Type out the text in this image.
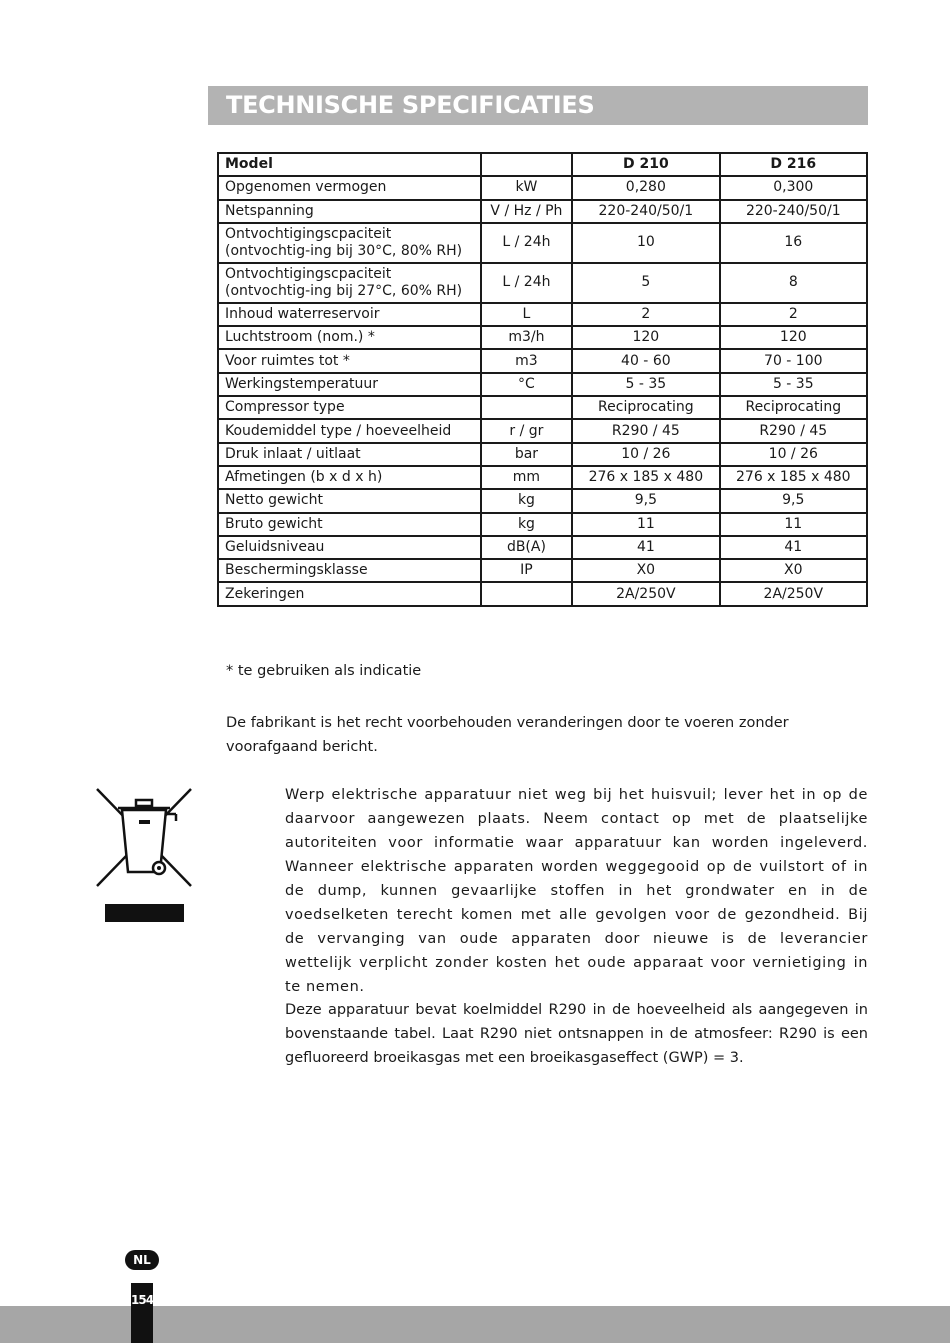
TECHNISCHE SPECIFICATIES
Model		D 210	D 216
Opgenomen vermogen	kW	0,280	0,300
Netspanning	V / Hz / Ph	220-240/50/1	220-240/50/1
Ontvochtigingscpaciteit (ontvochtig-ing bij 30°C, 80% RH)	L / 24h	10	16
Ontvochtigingscpaciteit (ontvochtig-ing bij 27°C, 60% RH)	L / 24h	5	8
Inhoud waterreservoir	L	2	2
Luchtstroom (nom.) *	m3/h	120	120
Voor ruimtes tot *	m3	40 - 60	70 - 100
Werkingstemperatuur	°C	5 - 35	5 - 35
Compressor type		Reciprocating	Reciprocating
Koudemiddel type / hoeveelheid	r / gr	R290 / 45	R290 / 45
Druk inlaat / uitlaat	bar	10 / 26	10 / 26
Afmetingen (b x d x h)	mm	276 x 185 x 480	276 x 185 x 480
Netto gewicht	kg	9,5	9,5
Bruto gewicht	kg	11	11
Geluidsniveau	dB(A)	41	41
Beschermingsklasse	IP	X0	X0
Zekeringen		2A/250V	2A/250V
* te gebruiken als indicatie
De fabrikant is het recht voorbehouden veranderingen door te voeren zonder voorafgaand bericht.
Werp elektrische apparatuur niet weg bij het huisvuil; lever het in op de daarvoor aangewezen plaats. Neem contact op met de plaatselijke autoriteiten voor informatie waar apparatuur kan worden ingeleverd. Wanneer elektrische apparaten worden weggegooid op de vuilstort of in de dump, kunnen gevaarlijke stoffen in het grondwater en in de voedselketen terecht komen met alle gevolgen voor de gezondheid. Bij de vervanging van oude apparaten door nieuwe is de leverancier wettelijk verplicht zonder kosten het oude apparaat voor vernietiging in te nemen.
Deze apparatuur bevat koelmiddel R290 in de hoeveelheid als aangegeven in bovenstaande tabel. Laat R290 niet ontsnappen in de atmosfeer: R290 is een gefluoreerd broeikasgas met een broeikasgaseffect (GWP) = 3.
NL
154
